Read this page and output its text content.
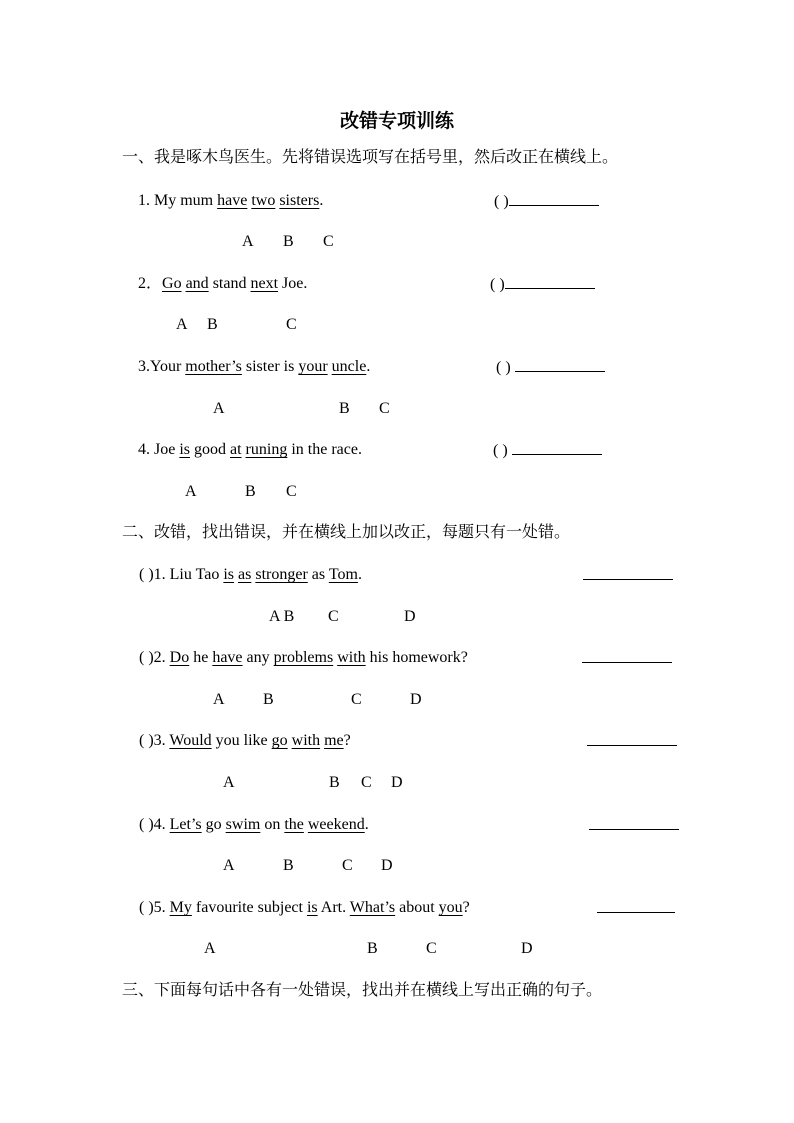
改错专项训练
一、我是啄木鸟医生。先将错误选项写在括号里，然后改正在横线上。
1. My mum have two sisters.	( )
A B C
2．Go and stand next Joe.	( )
A B	C
3.Your mother’s sister is your uncle.	( )
A	B C
4. Joe is good at runing in the race.	( )
A	B C
二、改错，找出错误，并在横线上加以改正，每题只有一处错。
( )1. Liu Tao is as stronger as Tom.
A B C	D
( )2. Do he have any problems with his homework?
A B	C	D
( )3. Would you like go with me?
A	B C D
( )4. Let’s go swim on the weekend.
A	B	C D
( )5. My favourite subject is Art. What’s about you?
A	B	C	D
三、下面每句话中各有一处错误，找出并在横线上写出正确的句子。
